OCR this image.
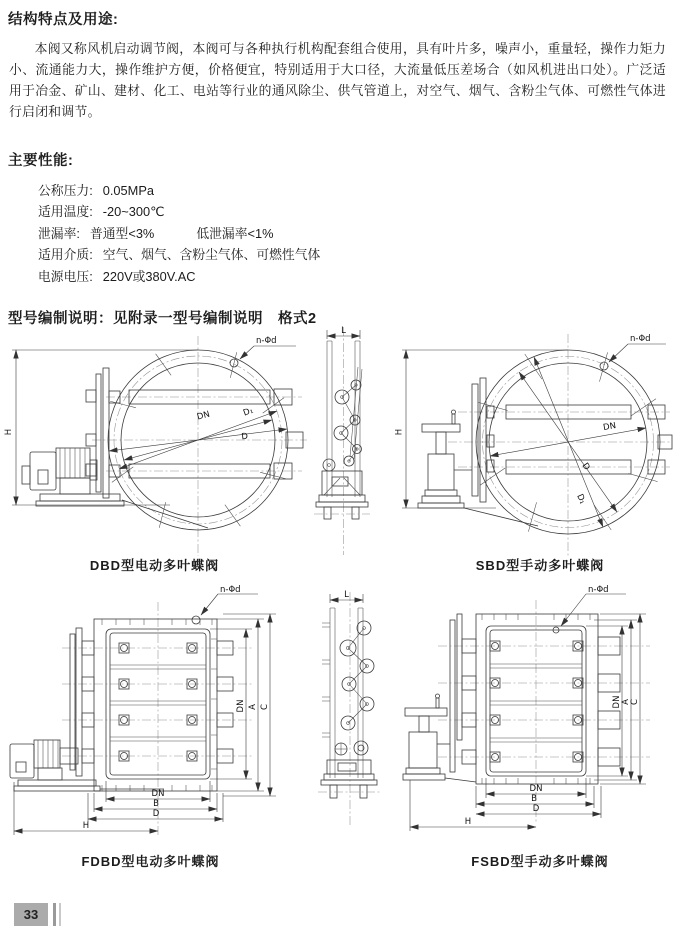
结构特点及用途:

本阀又称风机启动调节阀，本阀可与各种执行机构配套组合使用，具有叶片多，噪声小，重量轻，操作力矩力小、流通能力大，操作维护方便，价格便宜，特别适用于大口径，大流量低压差场合（如风机进出口处）。广泛适用于冶金、矿山、建材、化工、电站等行业的通风除尘、供气管道上，对空气、烟气、含粉尘气体、可燃性气体进行启闭和调节。

主要性能:
公称压力: 0.05MPa
适用温度: -20~300℃
泄漏率: 普通型<3%	低泄漏率<1%
适用介质: 空气、烟气、含粉尘气体、可燃性气体
电源电压: 220V或380V.AC
型号编制说明：见附录一型号编制说明　格式2
H
DN	D₁
D
n-Φd
L
H	DN
D
D₁
n-Φd
DBD型电动多叶蝶阀	SBD型手动多叶蝶阀
n-Φd
DN A C
DN
B
D
H
L	n-Φd
DN A C
DN
B
D
H
FDBD型电动多叶蝶阀	FSBD型手动多叶蝶阀
33
